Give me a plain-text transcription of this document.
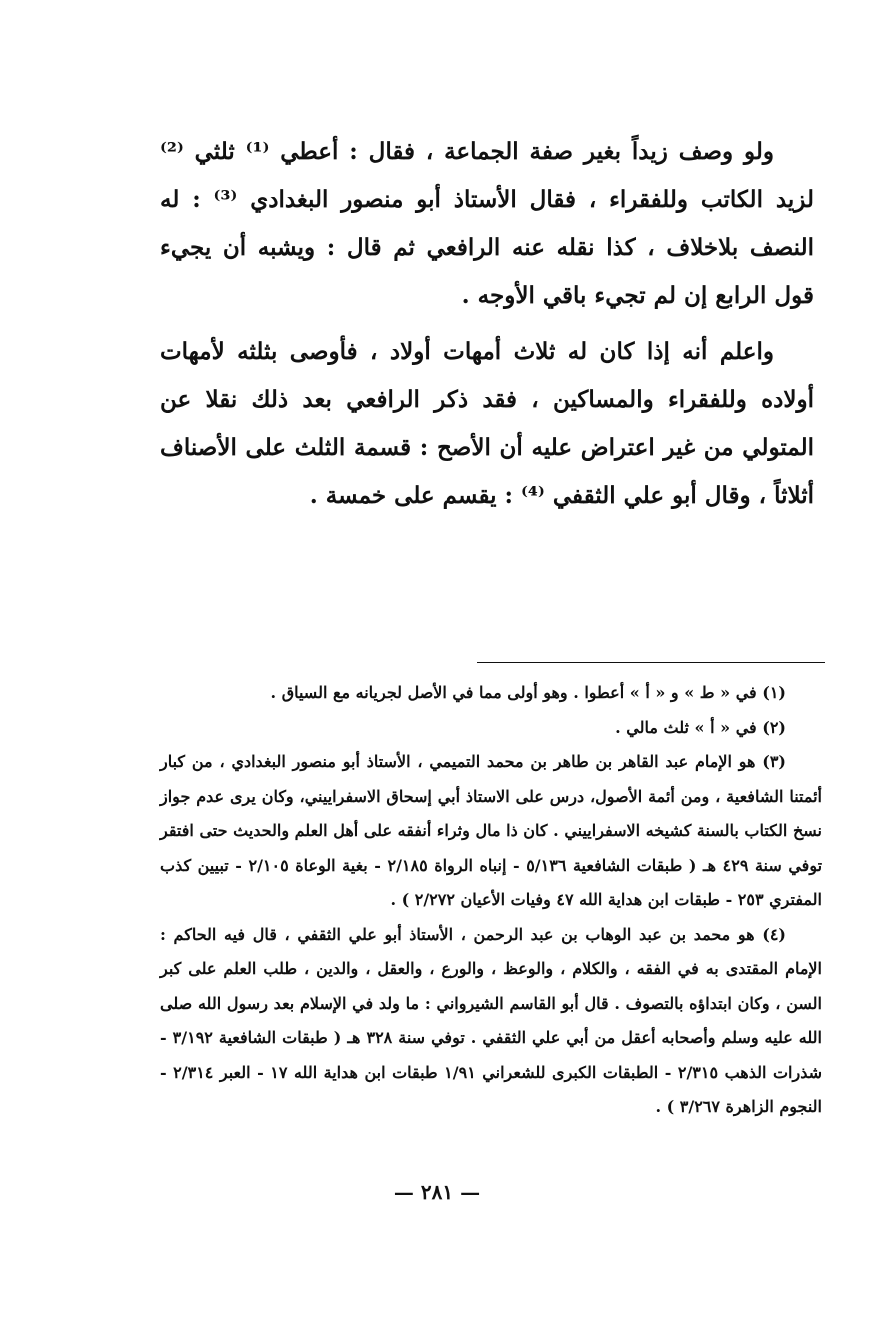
ولو وصف زيداً بغير صفة الجماعة ، فقال : أعطي ⁽¹⁾ ثلثي ⁽²⁾ لزيد الكاتب وللفقراء ، فقال الأستاذ أبو منصور البغدادي ⁽³⁾ : له النصف بلاخلاف ، كذا نقله عنه الرافعي ثم قال : ويشبه أن يجيء قول الرابع إن لم تجيء باقي الأوجه .

واعلم أنه إذا كان له ثلاث أمهات أولاد ، فأوصى بثلثه لأمهات أولاده وللفقراء والمساكين ، فقد ذكر الرافعي بعد ذلك نقلا عن المتولي من غير اعتراض عليه أن الأصح : قسمة الثلث على الأصناف أثلاثاً ، وقال أبو علي الثقفي ⁽⁴⁾ : يقسم على خمسة .

(١) في « ط » و « أ » أعطوا . وهو أولى مما في الأصل لجريانه مع السياق .

(٢) في « أ » ثلث مالي .

(٣) هو الإمام عبد القاهر بن طاهر بن محمد التميمي ، الأستاذ أبو منصور البغدادي ، من كبار أئمتنا الشافعية ، ومن أئمة الأصول، درس على الاستاذ أبي إسحاق الاسفراييني، وكان يرى عدم جواز نسخ الكتاب بالسنة كشيخه الاسفراييني . كان ذا مال وثراء أنفقه على أهل العلم والحديث حتى افتقر توفي سنة ٤٢٩ هـ ( طبقات الشافعية ٥/١٣٦ - إنباه الرواة ٢/١٨٥ - بغية الوعاة ٢/١٠٥ - تبيين كذب المفتري ٢٥٣ - طبقات ابن هداية الله ٤٧ وفيات الأعيان ٢/٢٧٢ ) .

(٤) هو محمد بن عبد الوهاب بن عبد الرحمن ، الأستاذ أبو علي الثقفي ، قال فيه الحاكم : الإمام المقتدى به في الفقه ، والكلام ، والوعظ ، والورع ، والعقل ، والدين ، طلب العلم على كبر السن ، وكان ابتداؤه بالتصوف . قال أبو القاسم الشيرواني : ما ولد في الإسلام بعد رسول الله صلى الله عليه وسلم وأصحابه أعقل من أبي علي الثقفي . توفي سنة ٣٢٨ هـ ( طبقات الشافعية ٣/١٩٢ - شذرات الذهب ٢/٣١٥ - الطبقات الكبرى للشعراني ١/٩١ طبقات ابن هداية الله ١٧ - العبر ٢/٣١٤ - النجوم الزاهرة ٣/٢٦٧ ) .

— ٢٨١ —
